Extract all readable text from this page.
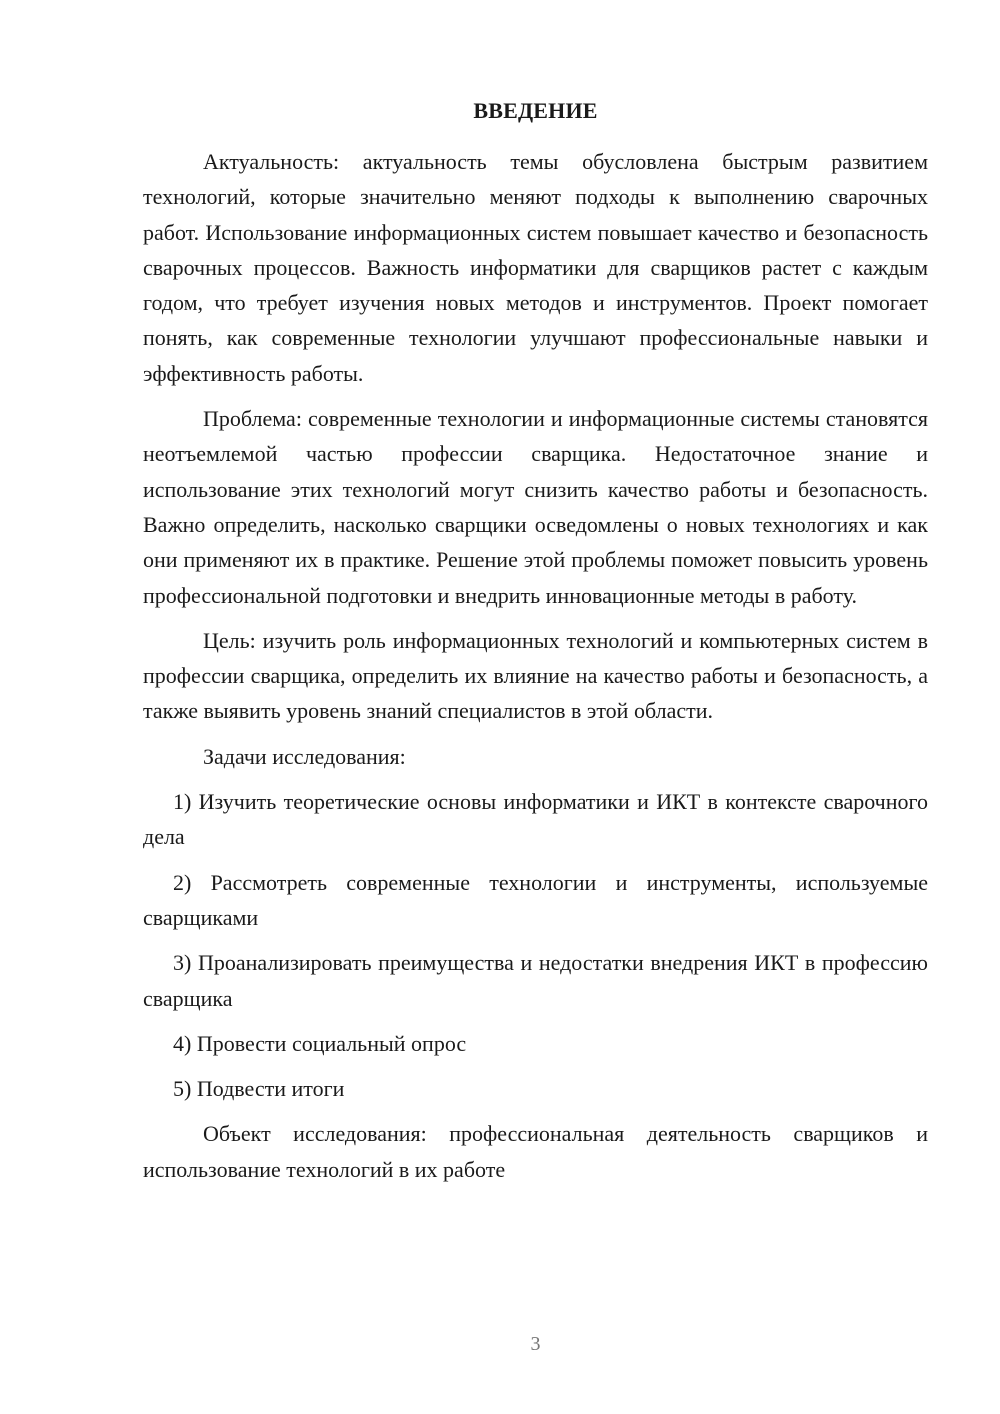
ВВЕДЕНИЕ

Актуальность: актуальность темы обусловлена быстрым развитием технологий, которые значительно меняют подходы к выполнению сварочных работ. Использование информационных систем повышает качество и безопасность сварочных процессов. Важность информатики для сварщиков растет с каждым годом, что требует изучения новых методов и инструментов. Проект помогает понять, как современные технологии улучшают профессиональные навыки и эффективность работы.

Проблема: современные технологии и информационные системы становятся неотъемлемой частью профессии сварщика. Недостаточное знание и использование этих технологий могут снизить качество работы и безопасность. Важно определить, насколько сварщики осведомлены о новых технологиях и как они применяют их в практике. Решение этой проблемы поможет повысить уровень профессиональной подготовки и внедрить инновационные методы в работу.

Цель: изучить роль информационных технологий и компьютерных систем в профессии сварщика, определить их влияние на качество работы и безопасность, а также выявить уровень знаний специалистов в этой области.

Задачи исследования:

1) Изучить теоретические основы информатики и ИКТ в контексте сварочного дела

2) Рассмотреть современные технологии и инструменты, используемые сварщиками

3) Проанализировать преимущества и недостатки внедрения ИКТ в профессию сварщика

4) Провести социальный опрос

5) Подвести итоги

Объект исследования: профессиональная деятельность сварщиков и использование технологий в их работе

3
